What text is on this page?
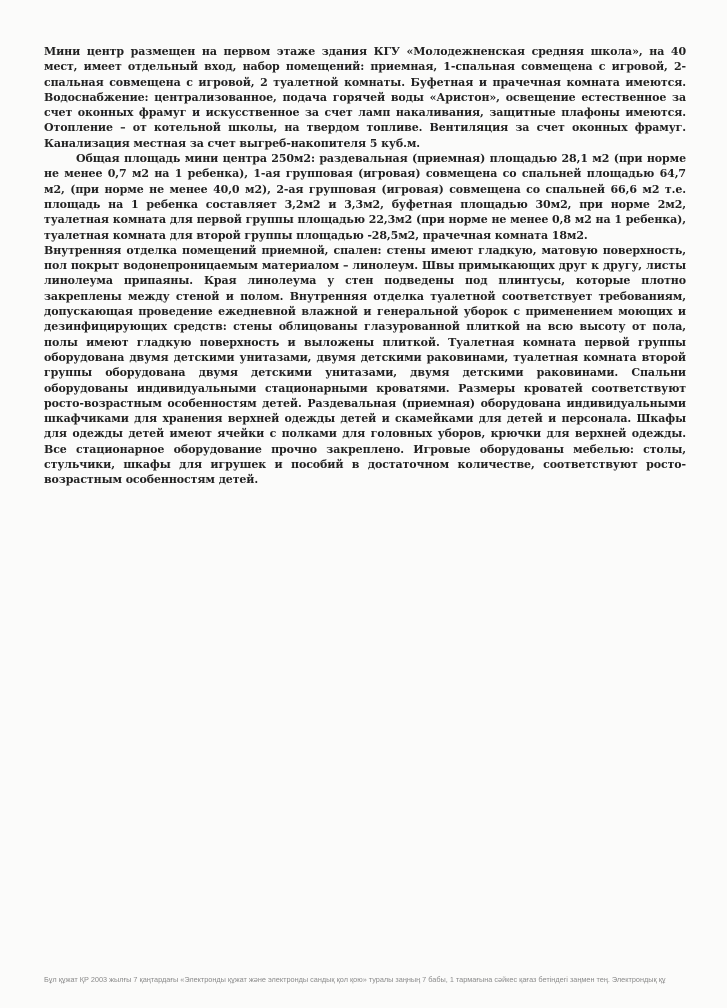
Мини центр размещен на первом этаже здания КГУ «Молодежненская средняя школа», на 40 мест, имеет отдельный вход, набор помещений: приемная, 1-спальная совмещена с игровой, 2-спальная совмещена с игровой, 2 туалетной комнаты. Буфетная и прачечная комната имеются. Водоснабжение: централизованное, подача горячей воды «Аристон», освещение естественное за счет оконных фрамуг и искусственное за счет ламп накаливания, защитные плафоны имеются. Отопление – от котельной школы, на твердом топливе. Вентиляция за счет оконных фрамуг. Канализация местная за счет выгреб-накопителя 5 куб.м.

Общая площадь мини центра 250м2: раздевальная (приемная) площадью 28,1 м2 (при норме не менее 0,7 м2 на 1 ребенка), 1-ая групповая (игровая) совмещена со спальней площадью 64,7 м2, (при норме не менее 40,0 м2), 2-ая групповая (игровая) совмещена со спальней 66,6 м2 т.е. площадь на 1 ребенка составляет 3,2м2 и 3,3м2, буфетная площадью 30м2, при норме 2м2, туалетная комната для первой группы площадью 22,3м2 (при норме не менее 0,8 м2 на 1 ребенка), туалетная комната для второй группы площадью -28,5м2, прачечная комната 18м2.

Внутренняя отделка помещений приемной, спален: стены имеют гладкую, матовую поверхность, пол покрыт водонепроницаемым материалом – линолеум. Швы примыкающих друг к другу, листы линолеума припаяны. Края линолеума у стен подведены под плинтусы, которые плотно закреплены между стеной и полом. Внутренняя отделка туалетной соответствует требованиям, допускающая проведение ежедневной влажной и генеральной уборок с применением моющих и дезинфицирующих средств: стены облицованы глазурованной плиткой на всю высоту от пола, полы имеют гладкую поверхность и выложены плиткой. Туалетная комната первой группы оборудована двумя детскими унитазами, двумя детскими раковинами, туалетная комната второй группы оборудована двумя детскими унитазами, двумя детскими раковинами. Спальни оборудованы индивидуальными стационарными кроватями. Размеры кроватей соответствуют росто-возрастным особенностям детей. Раздевальная (приемная) оборудована индивидуальными шкафчиками для хранения верхней одежды детей и скамейками для детей и персонала. Шкафы для одежды детей имеют ячейки с полками для головных уборов, крючки для верхней одежды. Все стационарное оборудование прочно закреплено. Игровые оборудованы мебелью: столы, стульчики, шкафы для игрушек и пособий в достаточном количестве, соответствуют росто-возрастным особенностям детей.

Бұл құжат ҚР 2003 жылғы 7 қаңтардағы «Электронды құжат және электронды сандық қол қою» туралы заңның 7 бабы, 1 тармағына сәйкес қағаз бетіндегі заңмен тең. Электрондық құ
